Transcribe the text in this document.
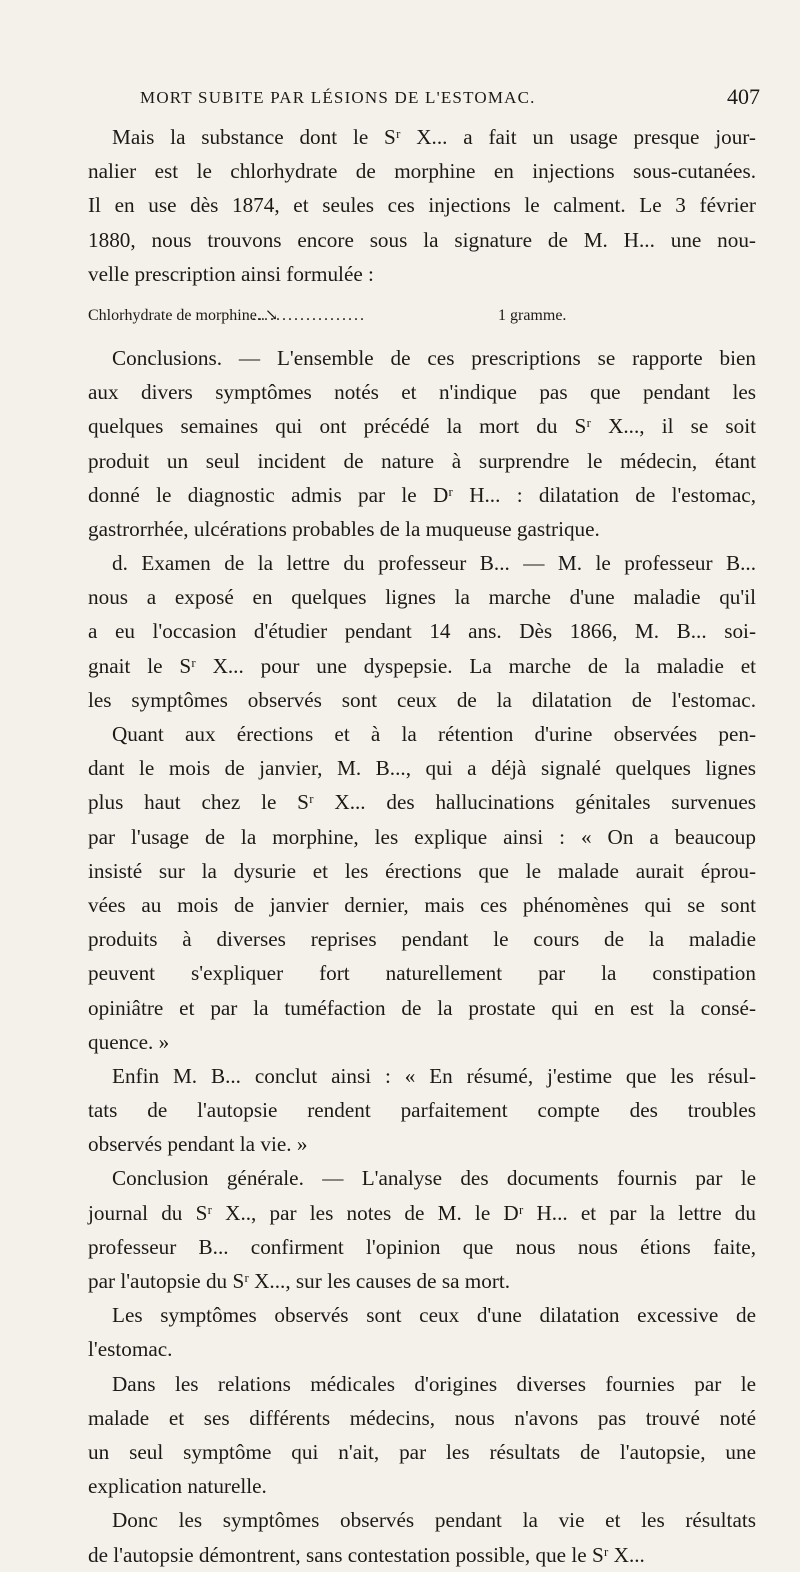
MORT SUBITE PAR LÉSIONS DE L'ESTOMAC.	407
Mais la substance dont le Sʳ X... a fait un usage presque jour-
nalier est le chlorhydrate de morphine en injections sous-cutanées.
Il en use dès 1874, et seules ces injections le calment. Le 3 février
1880, nous trouvons encore sous la signature de M. H... une nou-
velle prescription ainsi formulée :
Chlorhydrate de morphine..↘
...................	1 gramme.
Conclusions. — L'ensemble de ces prescriptions se rapporte bien
aux divers symptômes notés et n'indique pas que pendant les
quelques semaines qui ont précédé la mort du Sʳ X..., il se soit
produit un seul incident de nature à surprendre le médecin, étant
donné le diagnostic admis par le Dʳ H... : dilatation de l'estomac,
gastrorrhée, ulcérations probables de la muqueuse gastrique.
d. Examen de la lettre du professeur B... — M. le professeur B...
nous a exposé en quelques lignes la marche d'une maladie qu'il
a eu l'occasion d'étudier pendant 14 ans. Dès 1866, M. B... soi-
gnait le Sʳ X... pour une dyspepsie. La marche de la maladie et
les symptômes observés sont ceux de la dilatation de l'estomac.
Quant aux érections et à la rétention d'urine observées pen-
dant le mois de janvier, M. B..., qui a déjà signalé quelques lignes
plus haut chez le Sʳ X... des hallucinations génitales survenues
par l'usage de la morphine, les explique ainsi : « On a beaucoup
insisté sur la dysurie et les érections que le malade aurait éprou-
vées au mois de janvier dernier, mais ces phénomènes qui se sont
produits à diverses reprises pendant le cours de la maladie
peuvent s'expliquer fort naturellement par la constipation
opiniâtre et par la tuméfaction de la prostate qui en est la consé-
quence. »
Enfin M. B... conclut ainsi : « En résumé, j'estime que les résul-
tats de l'autopsie rendent parfaitement compte des troubles
observés pendant la vie. »
Conclusion générale. — L'analyse des documents fournis par le
journal du Sʳ X.., par les notes de M. le Dʳ H... et par la lettre du
professeur B... confirment l'opinion que nous nous étions faite,
par l'autopsie du Sʳ X..., sur les causes de sa mort.
Les symptômes observés sont ceux d'une dilatation excessive de
l'estomac.
Dans les relations médicales d'origines diverses fournies par le
malade et ses différents médecins, nous n'avons pas trouvé noté
un seul symptôme qui n'ait, par les résultats de l'autopsie, une
explication naturelle.
Donc les symptômes observés pendant la vie et les résultats
de l'autopsie démontrent, sans contestation possible, que le Sʳ X...
